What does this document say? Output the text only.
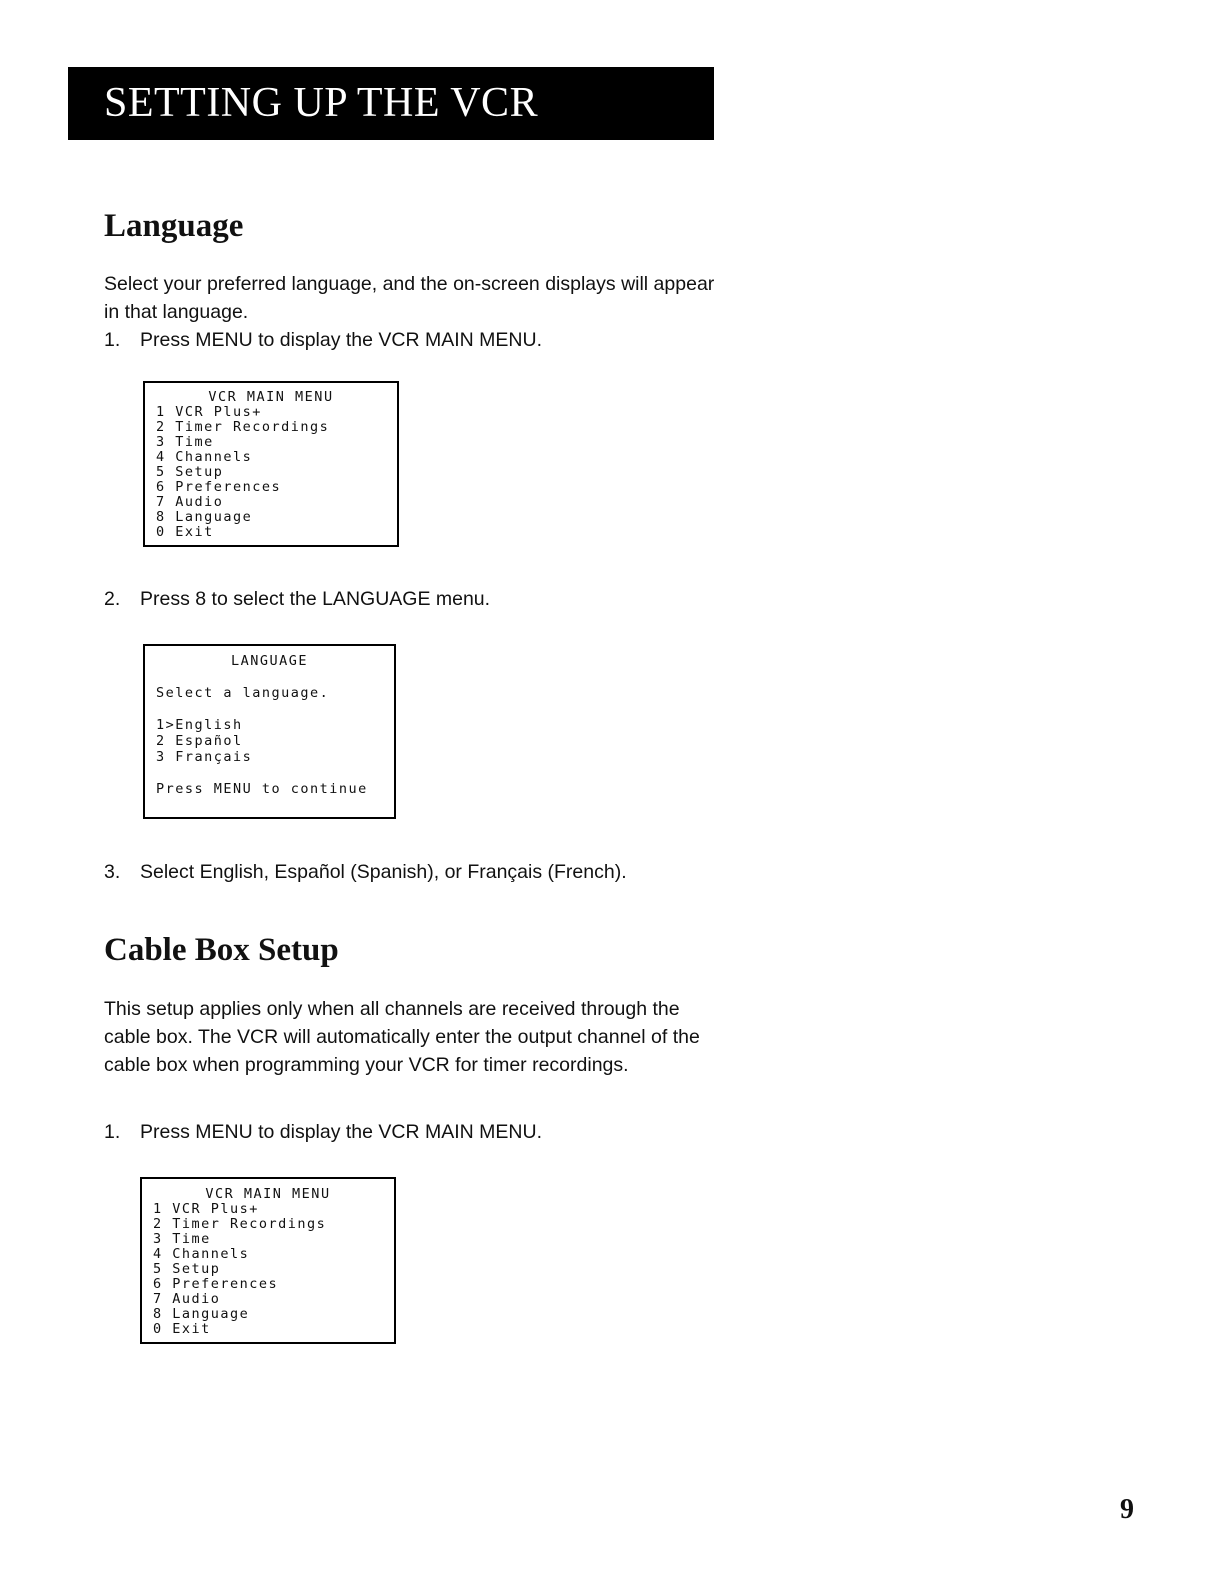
SETTING UP THE VCR
Language

Select your preferred language, and the on-screen displays will appear in that language.

1. Press MENU to display the VCR MAIN MENU.
VCR MAIN MENU
1 VCR Plus+
2 Timer Recordings
3 Time
4 Channels
5 Setup
6 Preferences
7 Audio
8 Language
0 Exit
2. Press 8 to select the LANGUAGE menu.
LANGUAGE
Select a language.
1>English
2 Español
3 Français
Press MENU to continue
3. Select English, Español (Spanish), or Français (French).
Cable Box Setup

This setup applies only when all channels are received through the cable box. The VCR will automatically enter the output channel of the cable box when programming your VCR for timer recordings.

1. Press MENU to display the VCR MAIN MENU.
VCR MAIN MENU
1 VCR Plus+
2 Timer Recordings
3 Time
4 Channels
5 Setup
6 Preferences
7 Audio
8 Language
0 Exit
9
